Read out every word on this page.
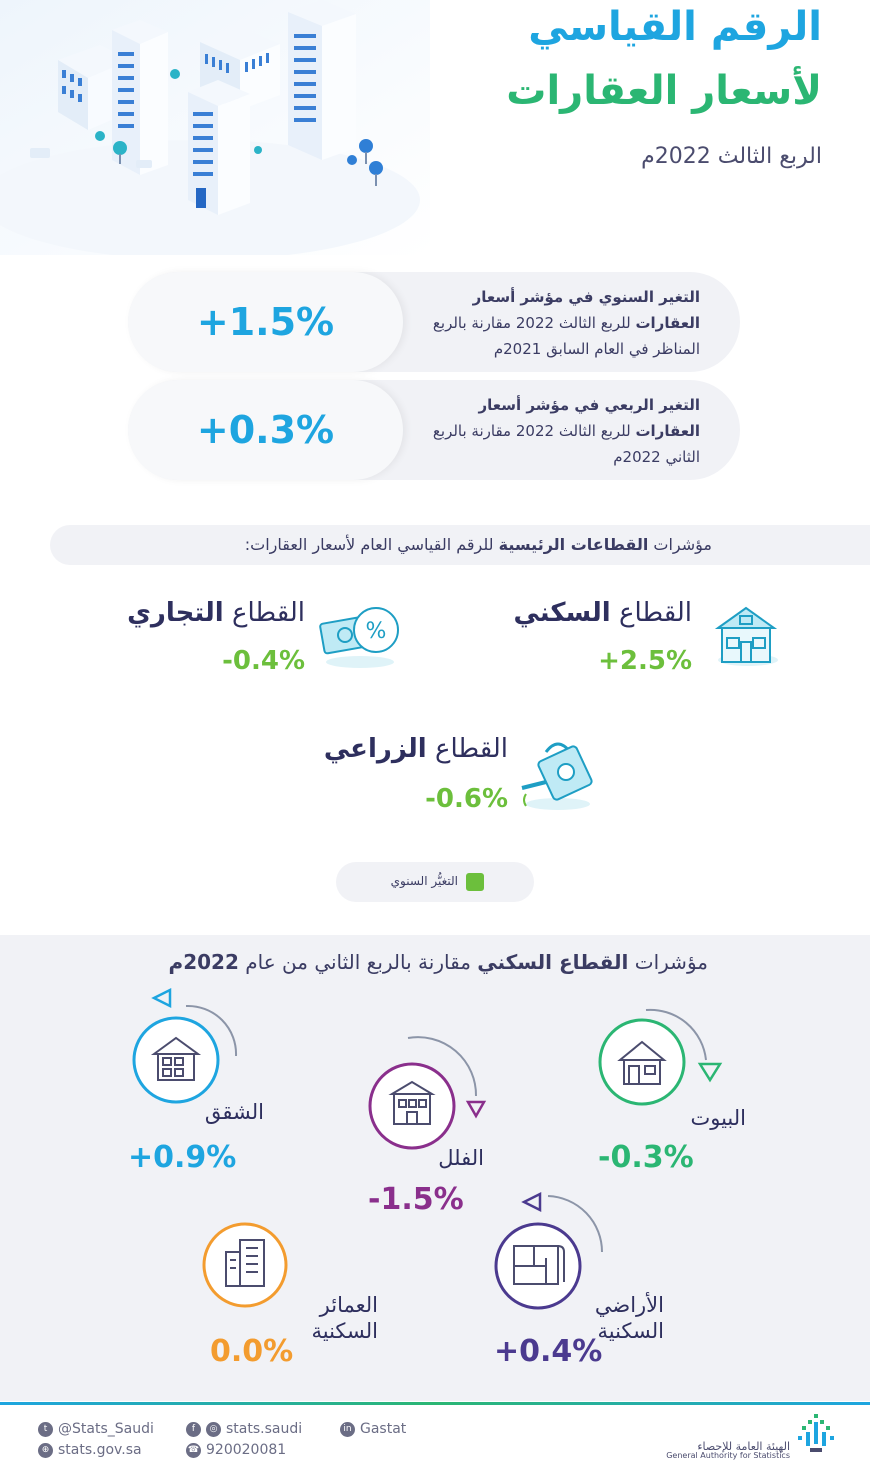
الرقم القياسي
لأسعار العقارات
الربع الثالث 2022م
+1.5%
التغير السنوي في مؤشر أسعار العقارات للربع الثالث 2022 مقارنة بالربع المناظر في العام السابق 2021م
+0.3%
التغير الربعي في مؤشر أسعار العقارات للربع الثالث 2022 مقارنة بالربع الثاني 2022م
مؤشرات القطاعات الرئيسية للرقم القياسي العام لأسعار العقارات:
القطاع السكني
+2.5%
%
القطاع التجاري
-0.4%
القطاع الزراعي
-0.6%
التغيُّر السنوي
مؤشرات القطاع السكني مقارنة بالربع الثاني من عام 2022م
الشقق
+0.9%	الفلل
-1.5%
البيوت
-0.3%
العمائر
السكنية
0.0%
الأراضي
السكنية
+0.4%
t @Stats_Saudi
⊕ stats.gov.sa
f	◎ stats.saudi
☎ 920020081
in Gastat
الهيئة العامة للإحصاء
General Authority for Statistics
